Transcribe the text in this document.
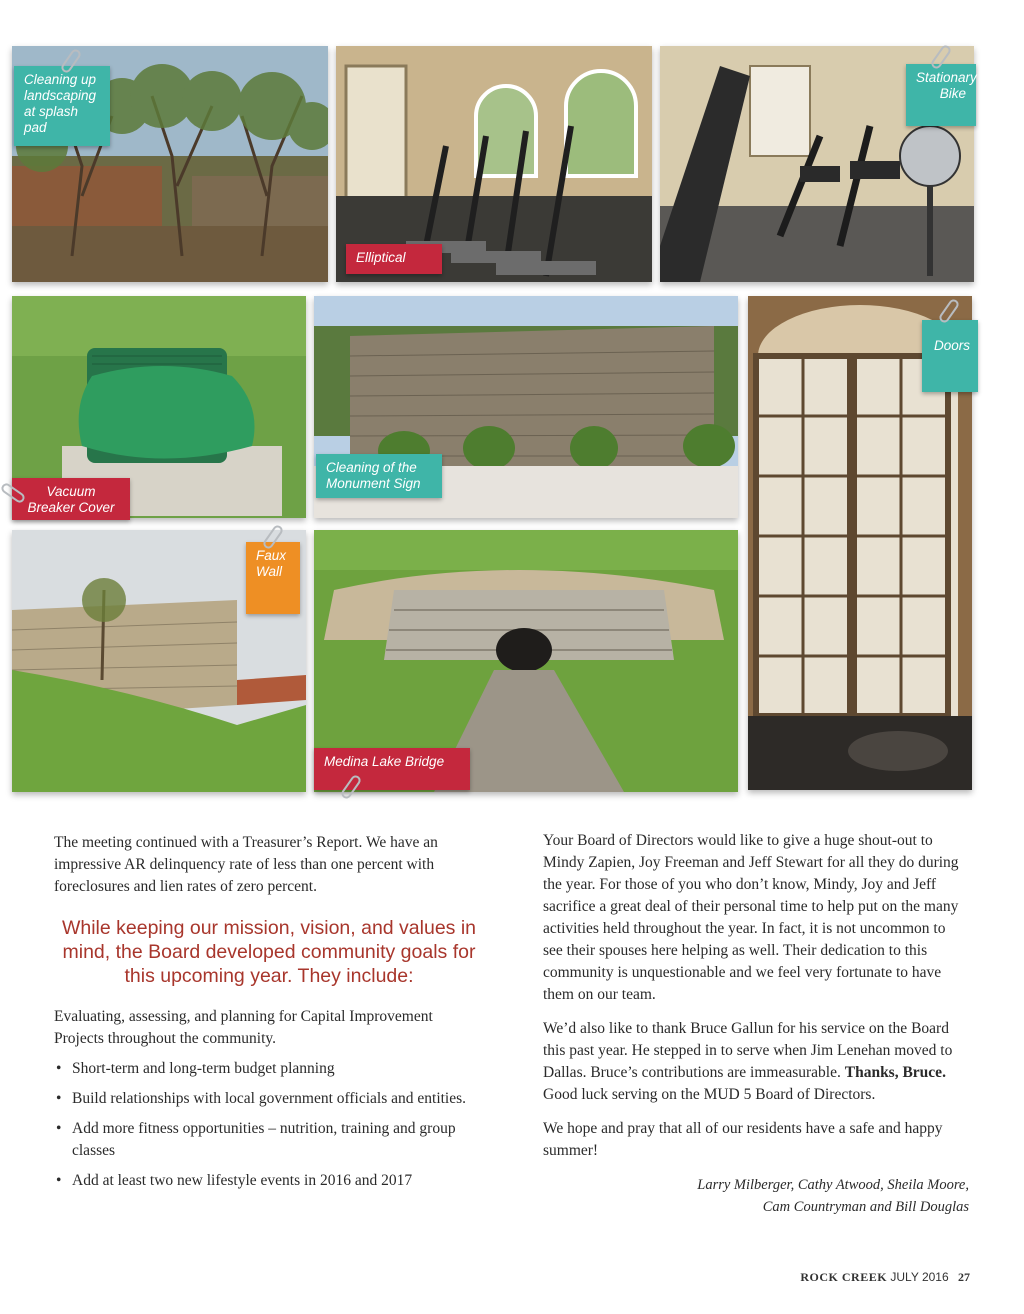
Cleaning up landscaping at splash pad
Elliptical
Stationary Bike
Vacuum Breaker Cover
Cleaning of the Monument Sign
Doors
Faux Wall
Medina Lake Bridge

The meeting continued with a Treasurer’s Report. We have an impressive AR delinquency rate of less than one percent with foreclosures and lien rates of zero percent.

While keeping our mission, vision, and values in mind, the Board developed community goals for this upcoming year. They include:

Evaluating, assessing, and planning for Capital Improvement Projects throughout the community.

• Short-term and long-term budget planning
• Build relationships with local government officials and entities.
• Add more fitness opportunities – nutrition, training and group classes
• Add at least two new lifestyle events in 2016 and 2017

Your Board of Directors would like to give a huge shout-out to Mindy Zapien, Joy Freeman and Jeff Stewart for all they do during the year. For those of you who don’t know, Mindy, Joy and Jeff sacrifice a great deal of their personal time to help put on the many activities held throughout the year. In fact, it is not uncommon to see their spouses here helping as well. Their dedication to this community is unquestionable and we feel very fortunate to have them on our team.

We’d also like to thank Bruce Gallun for his service on the Board this past year. He stepped in to serve when Jim Lenehan moved to Dallas. Bruce’s contributions are immeasurable. Thanks, Bruce. Good luck serving on the MUD 5 Board of Directors.

We hope and pray that all of our residents have a safe and happy summer!

Larry Milberger, Cathy Atwood, Sheila Moore,
Cam Countryman and Bill Douglas
ROCK CREEK JULY 2016 27
